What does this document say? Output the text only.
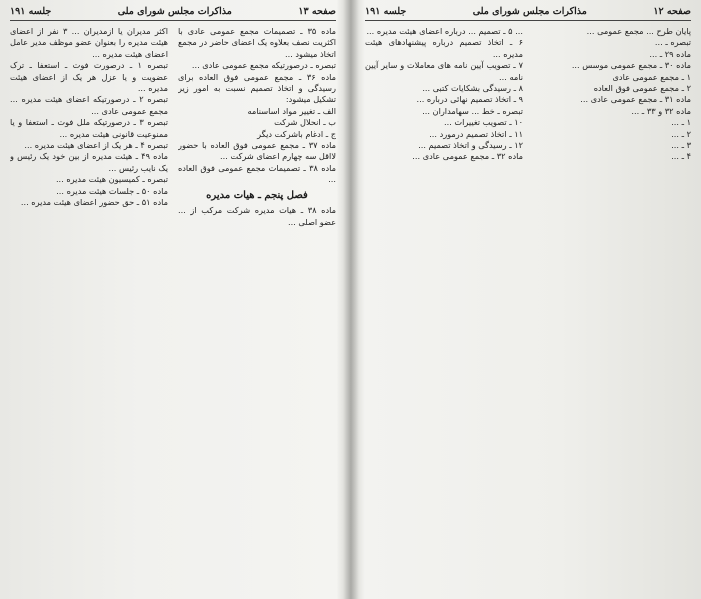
صفحه ۱۳
مذاکرات مجلس شورای ملی
جلسه ۱۹۱

ماده ۳۵ ـ تصمیمات مجمع عمومی عادی با اکثریت نصف بعلاوه یک اعضای حاضر در مجمع اتخاذ میشود ...

تبصره ـ درصورتیکه مجمع عمومی عادی ...

ماده ۳۶ ـ مجمع عمومی فوق العاده برای رسیدگی و اتخاذ تصمیم نسبت به امور زیر تشکیل میشود:

الف ـ تغییر مواد اساسنامه

ب ـ انحلال شرکت

ج ـ ادغام باشرکت دیگر

ماده ۳۷ ـ مجمع عمومی فوق العاده با حضور لااقل سه چهارم اعضای شرکت ...

ماده ۳۸ ـ تصمیمات مجمع عمومی فوق العاده ...

فصل پنجم ـ هیات مدیره

ماده ۳۸ ـ هیات مدیره شرکت مرکب از ... عضو اصلی ...

اکثر مدیران یا ازمدیران ... ۳ نفر از اعضای هیئت مدیره را بعنوان عضو موظف مدیر عامل اعضای هیئت مدیره ...

تبصره ۱ ـ درصورت فوت ـ استعفا ـ ترک عضویت و یا عزل هر یک از اعضای هیئت مدیره ...

تبصره ۲ ـ درصورتیکه اعضای هیئت مدیره ... مجمع عمومی عادی ...

تبصره ۳ ـ درصورتیکه ملل فوت ـ استعفا و یا ممنوعیت قانونی هیئت مدیره ...

تبصره ۴ ـ هر یک از اعضای هیئت مدیره ...

ماده ۴۹ ـ هیئت مدیره از بین خود یک رئیس و یک نایب رئیس ...

تبصره ـ کمیسیون هیئت مدیره ...

ماده ۵۰ ـ جلسات هیئت مدیره ...

ماده ۵۱ ـ حق حضور اعضای هیئت مدیره ...

صفحه ۱۲
مذاکرات مجلس شورای ملی
جلسه ۱۹۱

پایان طرح ... مجمع عمومی ...

تبصره ـ ...

ماده ۲۹ ـ ...

ماده ۳۰ ـ مجمع عمومی موسس ...

۱ ـ مجمع عمومی عادی

۲ ـ مجمع عمومی فوق العاده

ماده ۳۱ ـ مجمع عمومی عادی ...

ماده ۳۲ و ۳۳ ـ ...

۱ ـ ...

۲ ـ ...

۳ ـ ...

۴ ـ ...

... ۵ ـ تصمیم ... درباره اعضای هیئت مدیره ...

۶ ـ اتخاذ تصمیم درباره پیشنهادهای هیئت مدیره ...

۷ ـ تصویب آیین نامه های معاملات و سایر آیین نامه ...

۸ ـ رسیدگی بشکایات کتبی ...

۹ ـ اتخاذ تصمیم نهائی درباره ...

تبصره ـ خط ... سهامداران ...

۱۰ ـ تصویب تغییرات ...

۱۱ ـ اتخاذ تصمیم درمورد ...

۱۲ ـ رسیدگی و اتخاذ تصمیم ...

ماده ۳۲ ـ مجمع عمومی عادی ...
